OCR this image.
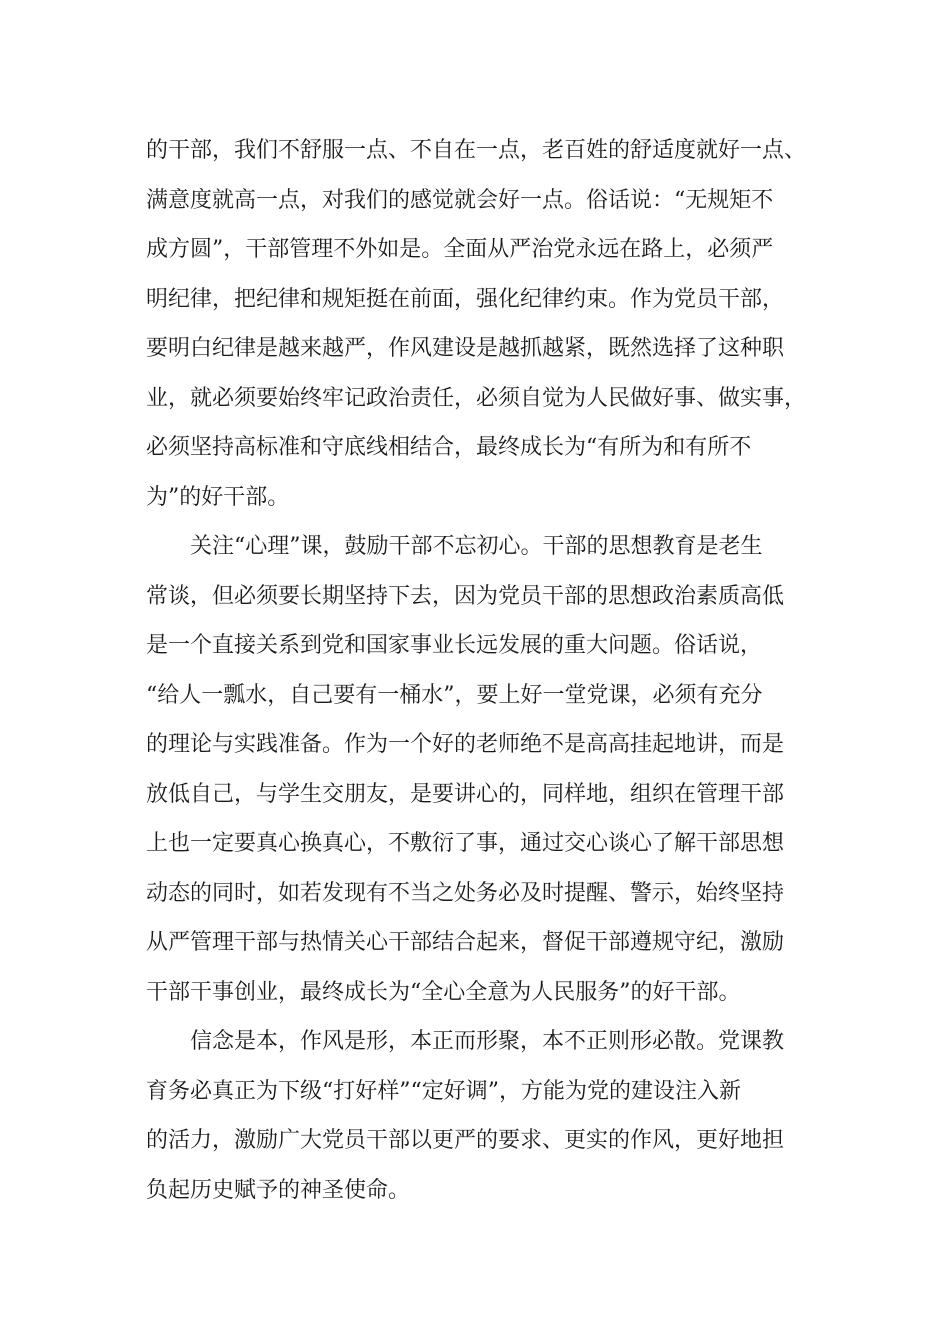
的干部，我们不舒服一点、不自在一点，老百姓的舒适度就好一点、
满意度就高一点，对我们的感觉就会好一点。俗话说：“无规矩不
成方圆”，干部管理不外如是。全面从严治党永远在路上，必须严
明纪律，把纪律和规矩挺在前面，强化纪律约束。作为党员干部，
要明白纪律是越来越严，作风建设是越抓越紧，既然选择了这种职
业，就必须要始终牢记政治责任，必须自觉为人民做好事、做实事，
必须坚持高标准和守底线相结合，最终成长为“有所为和有所不
为”的好干部。
关注“心理”课，鼓励干部不忘初心。干部的思想教育是老生
常谈，但必须要长期坚持下去，因为党员干部的思想政治素质高低
是一个直接关系到党和国家事业长远发展的重大问题。俗话说，
“给人一瓢水，自己要有一桶水”，要上好一堂党课，必须有充分
的理论与实践准备。作为一个好的老师绝不是高高挂起地讲，而是
放低自己，与学生交朋友，是要讲心的，同样地，组织在管理干部
上也一定要真心换真心，不敷衍了事，通过交心谈心了解干部思想
动态的同时，如若发现有不当之处务必及时提醒、警示，始终坚持
从严管理干部与热情关心干部结合起来，督促干部遵规守纪，激励
干部干事创业，最终成长为“全心全意为人民服务”的好干部。
信念是本，作风是形，本正而形聚，本不正则形必散。党课教
育务必真正为下级“打好样”“定好调”，方能为党的建设注入新
的活力，激励广大党员干部以更严的要求、更实的作风，更好地担
负起历史赋予的神圣使命。
